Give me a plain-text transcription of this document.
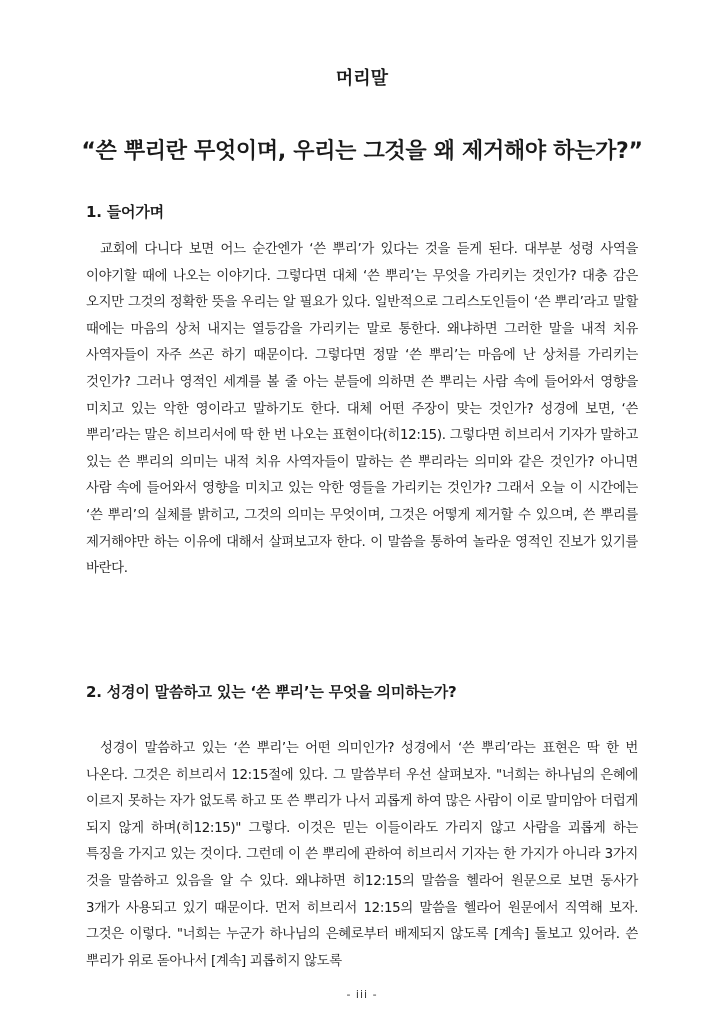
머리말
“쓴 뿌리란 무엇이며, 우리는 그것을 왜 제거해야 하는가?”
1. 들어가며

교회에 다니다 보면 어느 순간엔가 ‘쓴 뿌리’가 있다는 것을 듣게 된다. 대부분 성령 사역을 이야기할 때에 나오는 이야기다. 그렇다면 대체 ‘쓴 뿌리’는 무엇을 가리키는 것인가? 대충 감은 오지만 그것의 정확한 뜻을 우리는 알 필요가 있다. 일반적으로 그리스도인들이 ‘쓴 뿌리’라고 말할 때에는 마음의 상처 내지는 열등감을 가리키는 말로 통한다. 왜냐하면 그러한 말을 내적 치유 사역자들이 자주 쓰곤 하기 때문이다. 그렇다면 정말 ‘쓴 뿌리’는 마음에 난 상처를 가리키는 것인가? 그러나 영적인 세계를 볼 줄 아는 분들에 의하면 쓴 뿌리는 사람 속에 들어와서 영향을 미치고 있는 악한 영이라고 말하기도 한다. 대체 어떤 주장이 맞는 것인가? 성경에 보면, ‘쓴 뿌리’라는 말은 히브리서에 딱 한 번 나오는 표현이다(히12:15). 그렇다면 히브리서 기자가 말하고 있는 쓴 뿌리의 의미는 내적 치유 사역자들이 말하는 쓴 뿌리라는 의미와 같은 것인가? 아니면 사람 속에 들어와서 영향을 미치고 있는 악한 영들을 가리키는 것인가? 그래서 오늘 이 시간에는 ‘쓴 뿌리’의 실체를 밝히고, 그것의 의미는 무엇이며, 그것은 어떻게 제거할 수 있으며, 쓴 뿌리를 제거해야만 하는 이유에 대해서 살펴보고자 한다. 이 말씀을 통하여 놀라운 영적인 진보가 있기를 바란다.

2. 성경이 말씀하고 있는 ‘쓴 뿌리’는 무엇을 의미하는가?

성경이 말씀하고 있는 ‘쓴 뿌리’는 어떤 의미인가? 성경에서 ‘쓴 뿌리’라는 표현은 딱 한 번 나온다. 그것은 히브리서 12:15절에 있다. 그 말씀부터 우선 살펴보자. "너희는 하나님의 은혜에 이르지 못하는 자가 없도록 하고 또 쓴 뿌리가 나서 괴롭게 하여 많은 사람이 이로 말미암아 더럽게 되지 않게 하며(히12:15)" 그렇다. 이것은 믿는 이들이라도 가리지 않고 사람을 괴롭게 하는 특징을 가지고 있는 것이다. 그런데 이 쓴 뿌리에 관하여 히브리서 기자는 한 가지가 아니라 3가지 것을 말씀하고 있음을 알 수 있다. 왜냐하면 히12:15의 말씀을 헬라어 원문으로 보면 동사가 3개가 사용되고 있기 때문이다. 먼저 히브리서 12:15의 말씀을 헬라어 원문에서 직역해 보자. 그것은 이렇다. "너희는 누군가 하나님의 은혜로부터 배제되지 않도록 [계속] 돌보고 있어라. 쓴 뿌리가 위로 돋아나서 [계속] 괴롭히지 않도록

- iii -
